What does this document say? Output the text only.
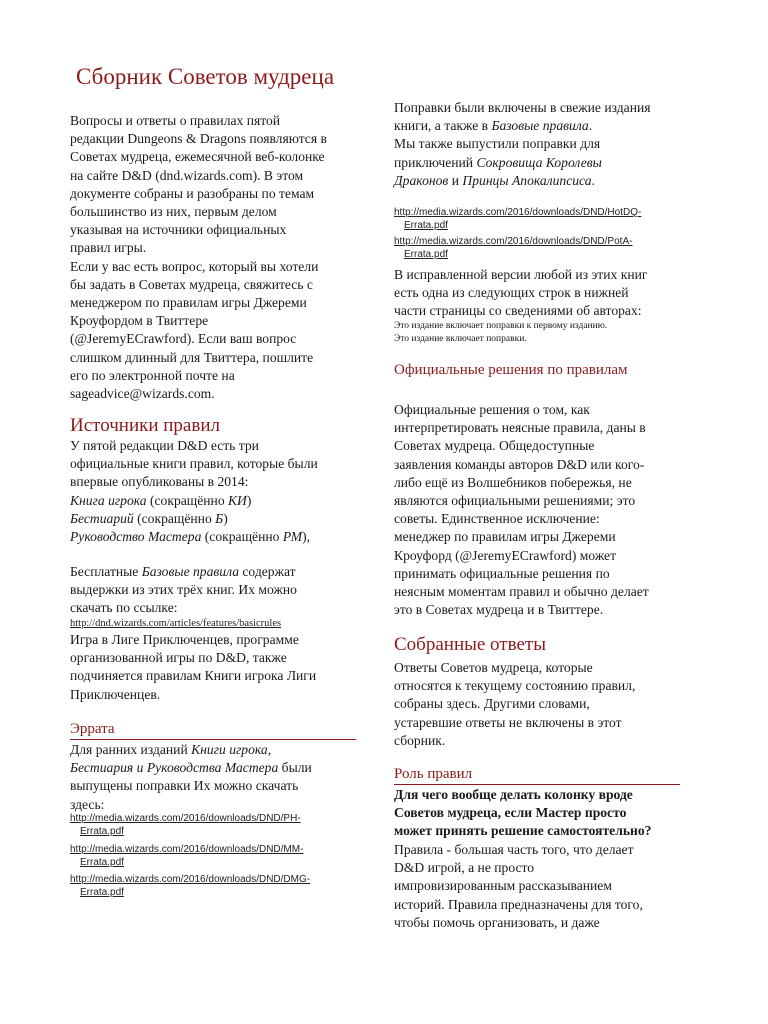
Сборник Советов мудреца
Вопросы и ответы о правилах пятой
редакции Dungeons & Dragons появляются в
Советах мудреца, ежемесячной веб-колонке
на сайте D&D (dnd.wizards.com). В этом
документе собраны и разобраны по темам
большинство из них, первым делом
указывая на источники официальных
правил игры.
Если у вас есть вопрос, который вы хотели
бы задать в Советах мудреца, свяжитесь с
менеджером по правилам игры Джереми
Кроуфордом в Твиттере
(@JeremyECrawford). Если ваш вопрос
слишком длинный для Твиттера, пошлите
его по электронной почте на
sageadvice@wizards.com.
Источники правил
У пятой редакции D&D есть три
официальные книги правил, которые были
впервые опубликованы в 2014:
Книга игрока (сокращённо КИ)
Бестиарий (сокращённо Б)
Руководство Мастера (сокращённо РМ),
Бесплатные Базовые правила содержат
выдержки из этих трёх книг. Их можно
скачать по ссылке:
http://dnd.wizards.com/articles/features/basicrules
Игра в Лиге Приключенцев, программе
организованной игры по D&D, также
подчиняется правилам Книги игрока Лиги
Приключенцев.
Эррата
Для ранних изданий Книги игрока,
Бестиария и Руководства Мастера были
выпущены поправки Их можно скачать
здесь:
http://media.wizards.com/2016/downloads/DND/PH-
Errata.pdf
http://media.wizards.com/2016/downloads/DND/MM-
Errata.pdf
http://media.wizards.com/2016/downloads/DND/DMG-
Errata.pdf
Поправки были включены в свежие издания
книги, а также в Базовые правила.
Мы также выпустили поправки для
приключений Сокровища Королевы
Драконов и Принцы Апокалипсиса.
http://media.wizards.com/2016/downloads/DND/HotDQ-
Errata.pdf
http://media.wizards.com/2016/downloads/DND/PotA-
Errata.pdf
В исправленной версии любой из этих книг
есть одна из следующих строк в нижней
части страницы со сведениями об авторах:
Это издание включает поправки к первому изданию.
Это издание включает поправки.
Официальные решения по правилам
Официальные решения о том, как
интерпретировать неясные правила, даны в
Советах мудреца. Общедоступные
заявления команды авторов D&D или кого-
либо ещё из Волшебников побережья, не
являются официальными решениями; это
советы. Единственное исключение:
менеджер по правилам игры Джереми
Кроуфорд (@JeremyECrawford) может
принимать официальные решения по
неясным моментам правил и обычно делает
это в Советах мудреца и в Твиттере.
Собранные ответы
Ответы Советов мудреца, которые
относятся к текущему состоянию правил,
собраны здесь. Другими словами,
устаревшие ответы не включены в этот
сборник.
Роль правил
Для чего вообще делать колонку вроде
Советов мудреца, если Мастер просто
может принять решение самостоятельно?
Правила - большая часть того, что делает
D&D игрой, а не просто
импровизированным рассказыванием
историй. Правила предназначены для того,
чтобы помочь организовать, и даже
